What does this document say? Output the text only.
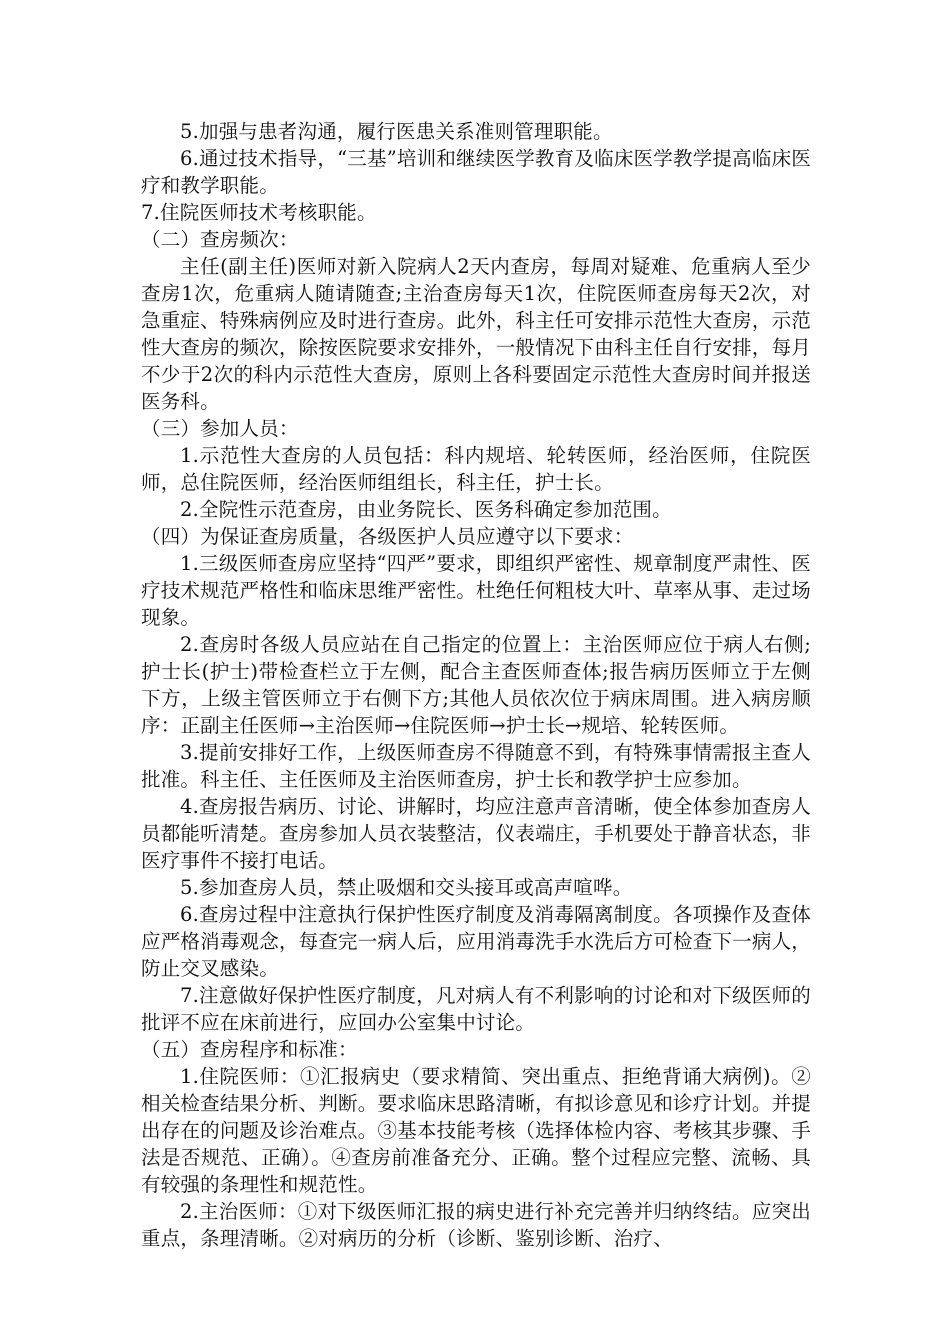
5.加强与患者沟通，履行医患关系准则管理职能。

6.通过技术指导，“三基”培训和继续医学教育及临床医学教学提高临床医疗和教学职能。

7.住院医师技术考核职能。

（二）查房频次：

主任(副主任)医师对新入院病人2天内查房，每周对疑难、危重病人至少查房1次，危重病人随请随查;主治查房每天1次，住院医师查房每天2次，对急重症、特殊病例应及时进行查房。此外，科主任可安排示范性大查房，示范性大查房的频次，除按医院要求安排外，一般情况下由科主任自行安排，每月不少于2次的科内示范性大查房，原则上各科要固定示范性大查房时间并报送医务科。

（三）参加人员：

1.示范性大查房的人员包括：科内规培、轮转医师，经治医师，住院医师，总住院医师，经治医师组组长，科主任，护士长。

2.全院性示范查房，由业务院长、医务科确定参加范围。

（四）为保证查房质量，各级医护人员应遵守以下要求：

1.三级医师查房应坚持“四严”要求，即组织严密性、规章制度严肃性、医疗技术规范严格性和临床思维严密性。杜绝任何粗枝大叶、草率从事、走过场现象。

2.查房时各级人员应站在自己指定的位置上：主治医师应位于病人右侧;护士长(护士)带检查栏立于左侧，配合主查医师查体;报告病历医师立于左侧下方，上级主管医师立于右侧下方;其他人员依次位于病床周围。进入病房顺序：正副主任医师→主治医师→住院医师→护士长→规培、轮转医师。

3.提前安排好工作，上级医师查房不得随意不到，有特殊事情需报主查人批准。科主任、主任医师及主治医师查房，护士长和教学护士应参加。

4.查房报告病历、讨论、讲解时，均应注意声音清晰，使全体参加查房人员都能听清楚。查房参加人员衣装整洁，仪表端庄，手机要处于静音状态，非医疗事件不接打电话。

5.参加查房人员，禁止吸烟和交头接耳或高声喧哗。

6.查房过程中注意执行保护性医疗制度及消毒隔离制度。各项操作及查体应严格消毒观念，每查完一病人后，应用消毒洗手水洗后方可检查下一病人，防止交叉感染。

7.注意做好保护性医疗制度，凡对病人有不利影响的讨论和对下级医师的批评不应在床前进行，应回办公室集中讨论。

（五）查房程序和标准：

1.住院医师：①汇报病史（要求精简、突出重点、拒绝背诵大病例)。②相关检查结果分析、判断。要求临床思路清晰，有拟诊意见和诊疗计划。并提出存在的问题及诊治难点。③基本技能考核（选择体检内容、考核其步骤、手法是否规范、正确）。④查房前准备充分、正确。整个过程应完整、流畅、具有较强的条理性和规范性。

2.主治医师：①对下级医师汇报的病史进行补充完善并归纳终结。应突出重点，条理清晰。②对病历的分析（诊断、鉴别诊断、治疗、
